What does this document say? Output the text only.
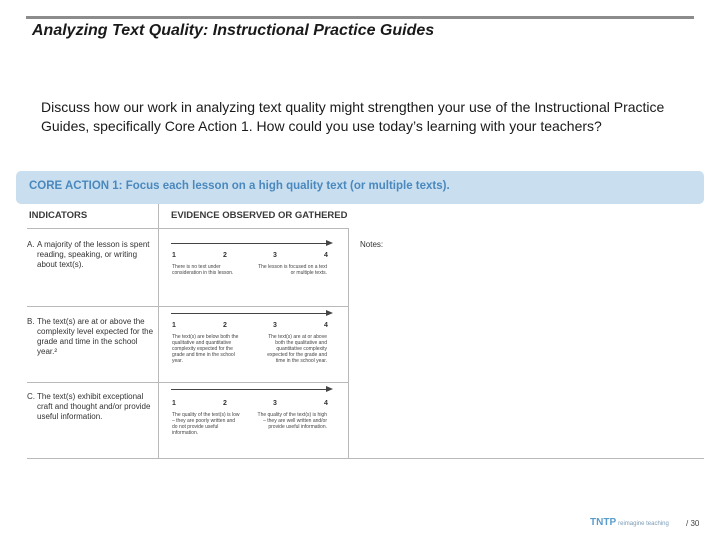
Analyzing Text Quality: Instructional Practice Guides
Discuss how our work in analyzing text quality might strengthen your use of the Instructional Practice Guides, specifically Core Action 1. How could you use today’s learning with your teachers?
CORE ACTION 1: Focus each lesson on a high quality text (or multiple texts).
INDICATORS	EVIDENCE OBSERVED OR GATHERED
Notes:
A. A majority of the lesson is spent reading, speaking, or writing about text(s).
1	2	3	4
There is no text under consideration in this lesson.
The lesson is focused on a text or multiple texts.
B. The text(s) are at or above the complexity level expected for the grade and time in the school year.²
1	2	3	4
The text(s) are below both the qualitative and quantitative complexity expected for the grade and time in the school year.
The text(s) are at or above both the qualitative and quantitative complexity expected for the grade and time in the school year.
C. The text(s) exhibit exceptional craft and thought and/or provide useful information.
1	2	3	4
The quality of the text(s) is low – they are poorly written and do not provide useful information.
The quality of the text(s) is high – they are well written and/or provide useful information.
TNTP reimagine teaching / 30
